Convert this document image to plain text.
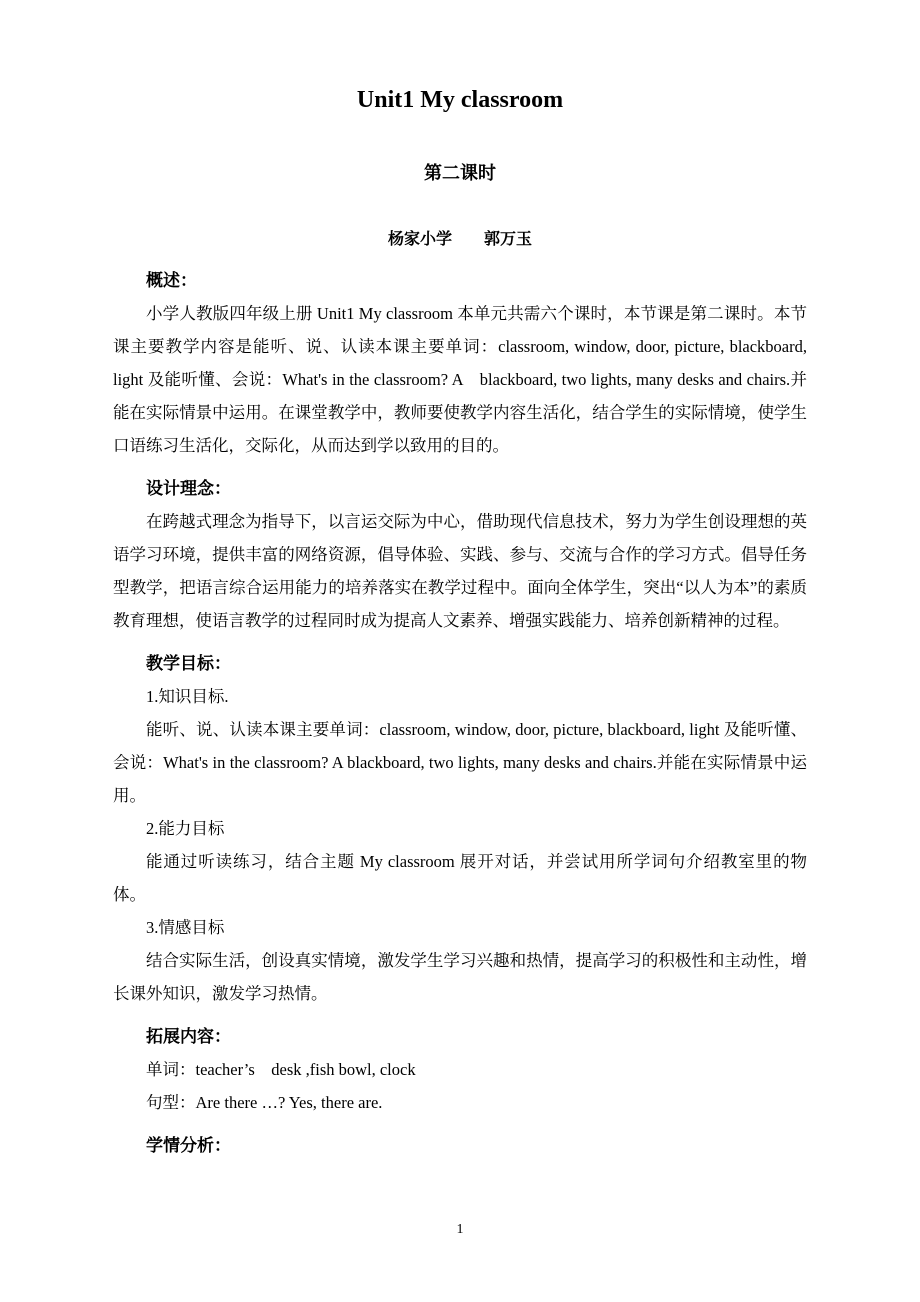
Unit1 My classroom
第二课时

杨家小学　　郭万玉

概述：

小学人教版四年级上册 Unit1 My classroom 本单元共需六个课时，本节课是第二课时。本节课主要教学内容是能听、说、认读本课主要单词：classroom, window, door, picture, blackboard, light 及能听懂、会说：What's in the classroom? A　blackboard, two lights, many desks and chairs.并能在实际情景中运用。在课堂教学中，教师要使教学内容生活化，结合学生的实际情境，使学生口语练习生活化，交际化，从而达到学以致用的目的。

设计理念：

在跨越式理念为指导下，以言运交际为中心，借助现代信息技术，努力为学生创设理想的英语学习环境，提供丰富的网络资源，倡导体验、实践、参与、交流与合作的学习方式。倡导任务型教学，把语言综合运用能力的培养落实在教学过程中。面向全体学生，突出“以人为本”的素质教育理想，使语言教学的过程同时成为提高人文素养、增强实践能力、培养创新精神的过程。

教学目标：

1.知识目标.

能听、说、认读本课主要单词：classroom, window, door, picture, blackboard, light 及能听懂、会说：What's in the classroom? A blackboard, two lights, many desks and chairs.并能在实际情景中运用。

2.能力目标

能通过听读练习，结合主题 My classroom 展开对话，并尝试用所学词句介绍教室里的物体。

3.情感目标

结合实际生活，创设真实情境，激发学生学习兴趣和热情，提高学习的积极性和主动性，增长课外知识，激发学习热情。

拓展内容：

单词：teacher’s　desk ,fish bowl, clock

句型：Are there …? Yes, there are.

学情分析：

1
